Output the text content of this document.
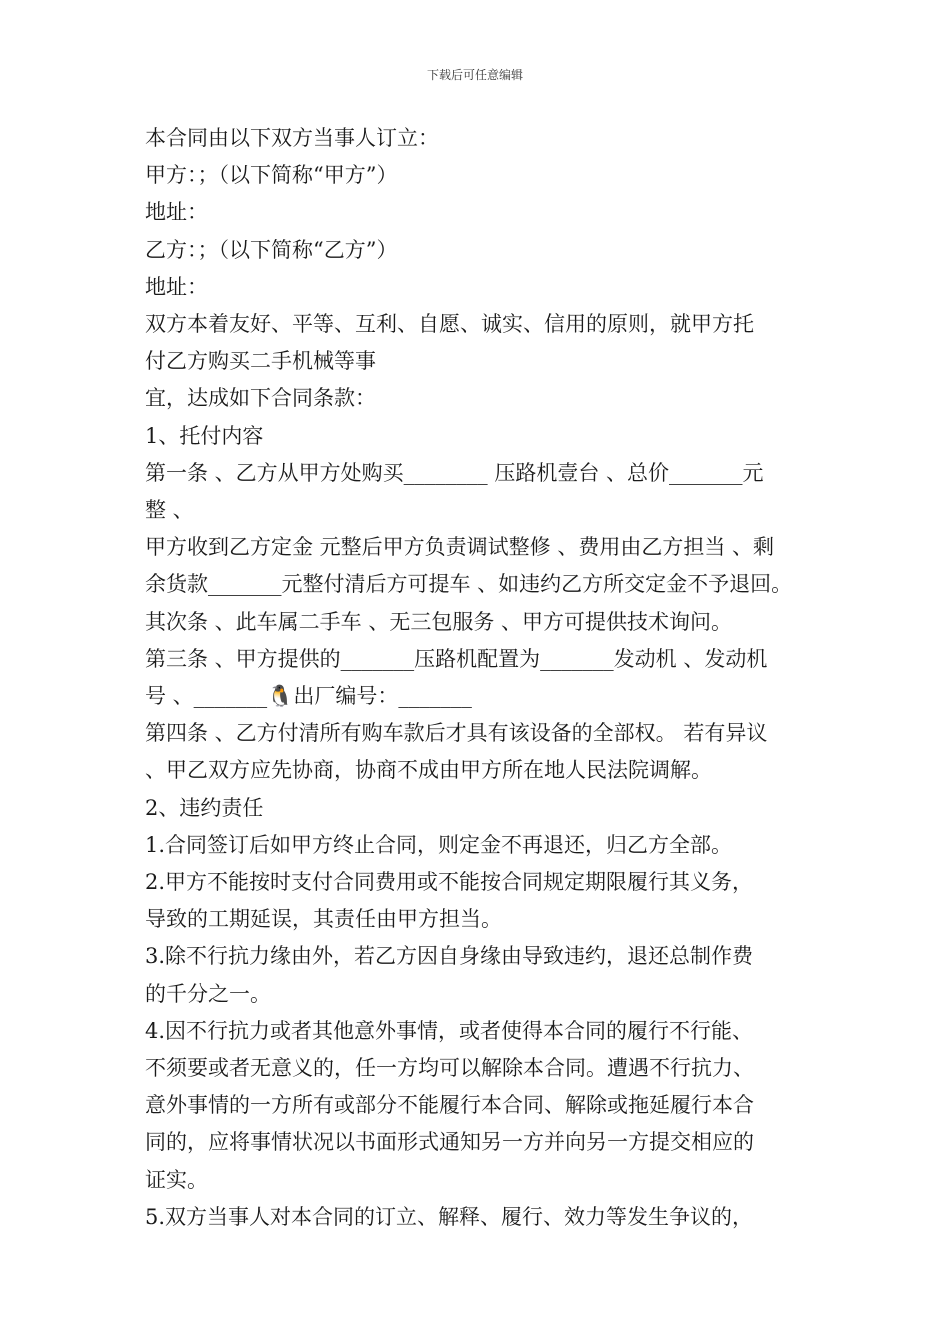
下载后可任意编辑

本合同由以下双方当事人订立：

甲方：；（以下简称“甲方”）

地址：

乙方：；（以下简称“乙方”）

地址：

双方本着友好、平等、互利、自愿、诚实、信用的原则，就甲方托

付乙方购买二手机械等事

宜，达成如下合同条款：

1、托付内容

第一条 、乙方从甲方处购买________ 压路机壹台 、总价_______元

整 、

甲方收到乙方定金 元整后甲方负责调试整修 、费用由乙方担当 、剩

余货款_______元整付清后方可提车 、如违约乙方所交定金不予退回。

其次条 、此车属二手车 、无三包服务 、甲方可提供技术询问。

第三条 、甲方提供的_______压路机配置为_______发动机 、发动机

号 、_______🐧出厂编号：_______

第四条 、乙方付清所有购车款后才具有该设备的全部权。 若有异议

、甲乙双方应先协商，协商不成由甲方所在地人民法院调解。

2、违约责任

1.合同签订后如甲方终止合同，则定金不再退还，归乙方全部。

2.甲方不能按时支付合同费用或不能按合同规定期限履行其义务，

导致的工期延误，其责任由甲方担当。

3.除不行抗力缘由外，若乙方因自身缘由导致违约，退还总制作费

的千分之一。

4.因不行抗力或者其他意外事情，或者使得本合同的履行不行能、

不须要或者无意义的，任一方均可以解除本合同。遭遇不行抗力、

意外事情的一方所有或部分不能履行本合同、解除或拖延履行本合

同的，应将事情状况以书面形式通知另一方并向另一方提交相应的

证实。

5.双方当事人对本合同的订立、解释、履行、效力等发生争议的，
